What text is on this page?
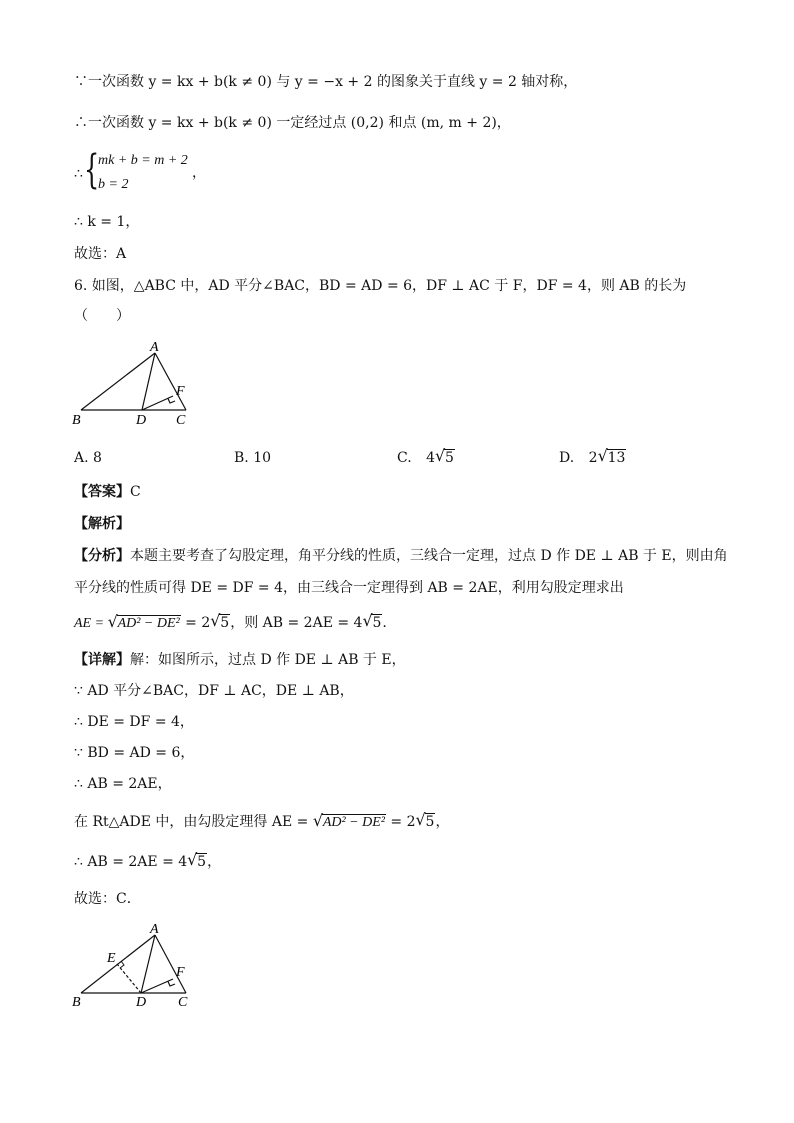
∵一次函数 y = kx + b(k ≠ 0) 与 y = −x + 2 的图象关于直线 y = 2 轴对称，
∴一次函数 y = kx + b(k ≠ 0) 一定经过点 (0,2) 和点 (m, m + 2)，
∴ {
mk + b = m + 2
b = 2
，
∴ k = 1，
故选：A
6. 如图，△ABC 中，AD 平分∠BAC，BD = AD = 6，DF ⊥ AC 于 F，DF = 4，则 AB 的长为
（　　）
A
B	C
D
F
A. 8	B. 10	C. 4 √ 5	D. 2 √ 13
【答案】C
【解析】
【分析】本题主要考查了勾股定理，角平分线的性质，三线合一定理，过点 D 作 DE ⊥ AB 于 E，则由角
平分线的性质可得 DE = DF = 4，由三线合一定理得到 AB = 2AE，利用勾股定理求出
AE = √ AD² − DE² = 2 √ 5，则 AB = 2AE = 4 √ 5.
【详解】解：如图所示，过点 D 作 DE ⊥ AB 于 E，
∵ AD 平分∠BAC，DF ⊥ AC，DE ⊥ AB，
∴ DE = DF = 4，
∵ BD = AD = 6，
∴ AB = 2AE，
在 Rt△ADE 中，由勾股定理得 AE = √ AD² − DE² = 2 √ 5，
∴ AB = 2AE = 4 √ 5，
故选：C．
A
B	C
D
E
F
